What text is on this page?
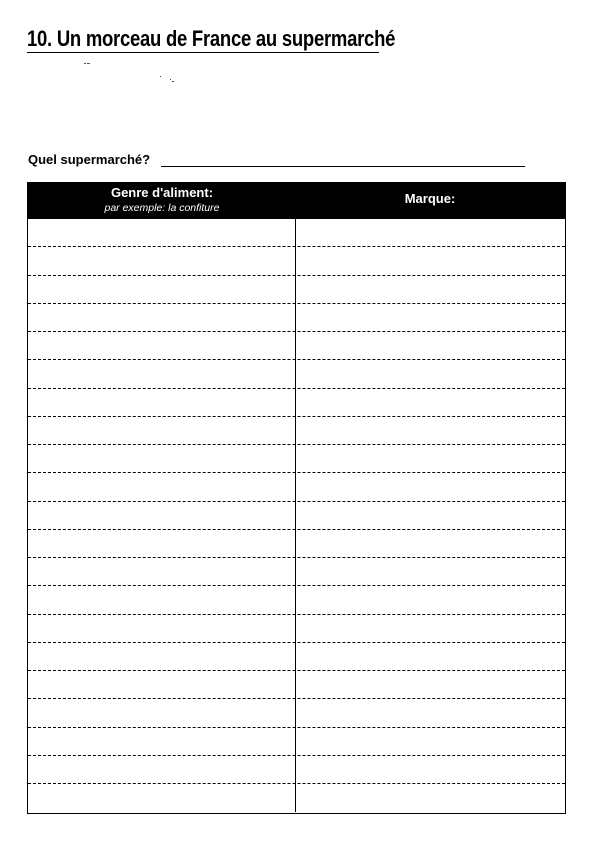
10. Un morceau de France au supermarché
Quel supermarché?
Genre d'aliment:
par exemple: la confiture
Marque:
